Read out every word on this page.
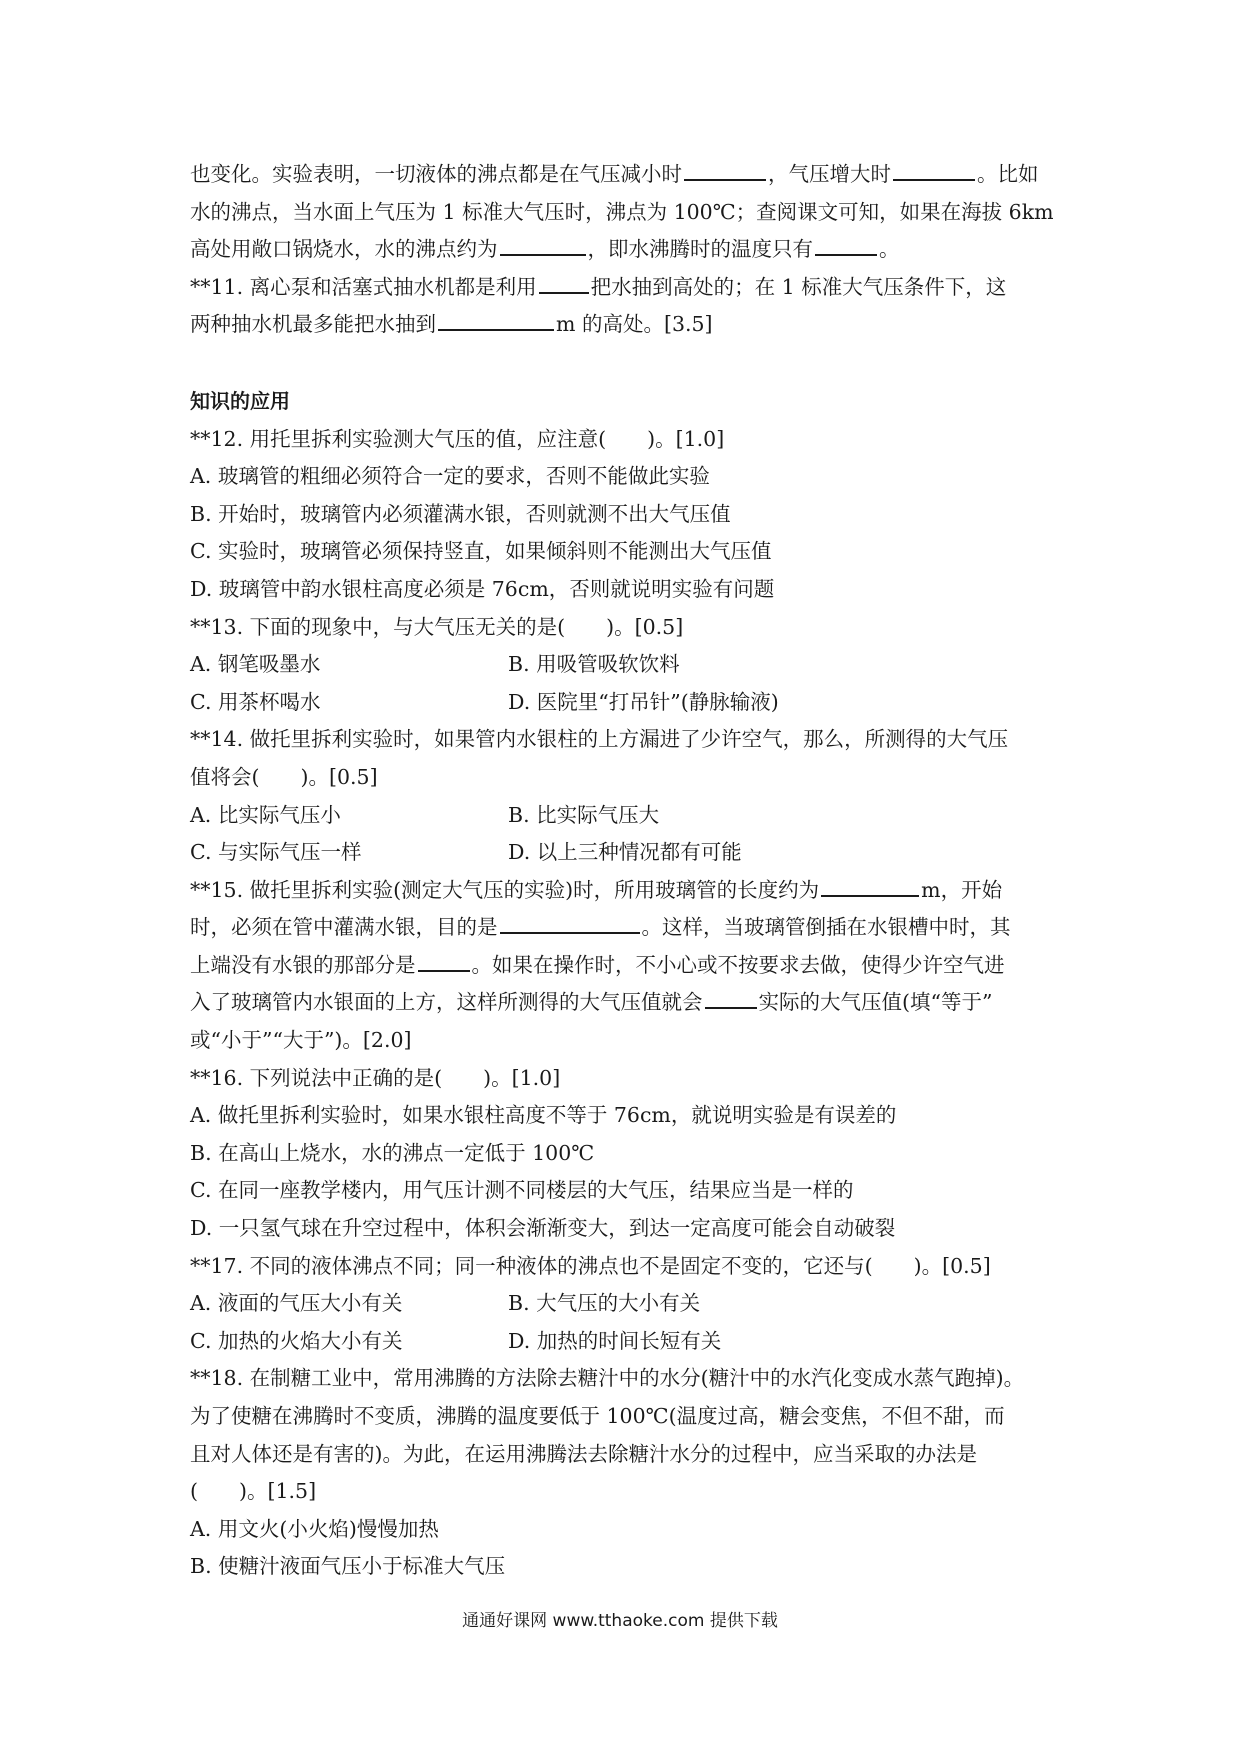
也变化。实验表明，一切液体的沸点都是在气压减小时	，气压增大时	。比如
水的沸点，当水面上气压为 1 标准大气压时，沸点为 100℃；查阅课文可知，如果在海拔 6km
高处用敞口锅烧水，水的沸点约为	，即水沸腾时的温度只有	。
**11. 离心泵和活塞式抽水机都是利用	把水抽到高处的；在 1 标准大气压条件下，这
两种抽水机最多能把水抽到	m 的高处。[3.5]
知识的应用
**12. 用托里拆利实验测大气压的值，应注意(　　)。[1.0]
A. 玻璃管的粗细必须符合一定的要求，否则不能做此实验
B. 开始时，玻璃管内必须灌满水银，否则就测不出大气压值
C. 实验时，玻璃管必须保持竖直，如果倾斜则不能测出大气压值
D. 玻璃管中韵水银柱高度必须是 76cm，否则就说明实验有问题
**13. 下面的现象中，与大气压无关的是(　　)。[0.5]
A. 钢笔吸墨水	B. 用吸管吸软饮料
C. 用茶杯喝水	D. 医院里“打吊针”(静脉输液)
**14. 做托里拆利实验时，如果管内水银柱的上方漏进了少许空气，那么，所测得的大气压
值将会(　　)。[0.5]
A. 比实际气压小	B. 比实际气压大
C. 与实际气压一样	D. 以上三种情况都有可能
**15. 做托里拆利实验(测定大气压的实验)时，所用玻璃管的长度约为	m，开始
时，必须在管中灌满水银，目的是	。这样，当玻璃管倒插在水银槽中时，其
上端没有水银的那部分是	。如果在操作时，不小心或不按要求去做，使得少许空气进
入了玻璃管内水银面的上方，这样所测得的大气压值就会	实际的大气压值(填“等于”
或“小于”“大于”)。[2.0]
**16. 下列说法中正确的是(　　)。[1.0]
A. 做托里拆利实验时，如果水银柱高度不等于 76cm，就说明实验是有误差的
B. 在高山上烧水，水的沸点一定低于 100℃
C. 在同一座教学楼内，用气压计测不同楼层的大气压，结果应当是一样的
D. 一只氢气球在升空过程中，体积会渐渐变大，到达一定高度可能会自动破裂
**17. 不同的液体沸点不同；同一种液体的沸点也不是固定不变的，它还与(　　)。[0.5]
A. 液面的气压大小有关	B. 大气压的大小有关
C. 加热的火焰大小有关	D. 加热的时间长短有关
**18. 在制糖工业中，常用沸腾的方法除去糖汁中的水分(糖汁中的水汽化变成水蒸气跑掉)。
为了使糖在沸腾时不变质，沸腾的温度要低于 100℃(温度过高，糖会变焦，不但不甜，而
且对人体还是有害的)。为此，在运用沸腾法去除糖汁水分的过程中，应当采取的办法是
(　　)。[1.5]
A. 用文火(小火焰)慢慢加热
B. 使糖汁液面气压小于标准大气压
通通好课网 www.tthaoke.com 提供下载
